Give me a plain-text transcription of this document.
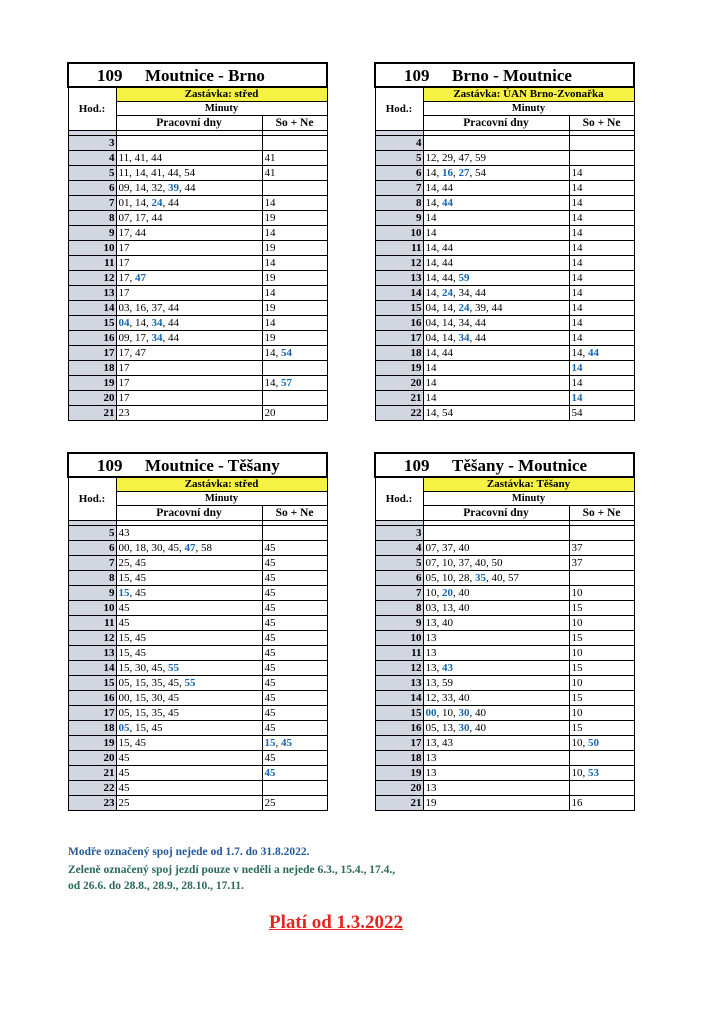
109 Moutnice - Brno		
Hod.:	Zastávka: střed	
	Minuty	
	Pracovní dny	So + Ne

3		
4	11, 41, 44	41
5	11, 14, 41, 44, 54	41
6	09, 14, 32, 39, 44	
7	01, 14, 24, 44	14
8	07, 17, 44	19
9	17, 44	14
10	17	19
11	17	14
12	17, 47	19
13	17	14
14	03, 16, 37, 44	19
15	04, 14, 34, 44	14
16	09, 17, 34, 44	19
17	17, 47	14, 54
18	17	
19	17	14, 57
20	17	
21	23	20
109 Brno - Moutnice		
Hod.:	Zastávka: ÚAN Brno-Zvonařka	
	Minuty	
	Pracovní dny	So + Ne

4		
5	12, 29, 47, 59	
6	14, 16, 27, 54	14
7	14, 44	14
8	14, 44	14
9	14	14
10	14	14
11	14, 44	14
12	14, 44	14
13	14, 44, 59	14
14	14, 24, 34, 44	14
15	04, 14, 24, 39, 44	14
16	04, 14, 34, 44	14
17	04, 14, 34, 44	14
18	14, 44	14, 44
19	14	14
20	14	14
21	14	14
22	14, 54	54
109 Moutnice - Těšany		
Hod.:	Zastávka: střed	
	Minuty	
	Pracovní dny	So + Ne

5	43	
6	00, 18, 30, 45, 47, 58	45
7	25, 45	45
8	15, 45	45
9	15, 45	45
10	45	45
11	45	45
12	15, 45	45
13	15, 45	45
14	15, 30, 45, 55	45
15	05, 15, 35, 45, 55	45
16	00, 15, 30, 45	45
17	05, 15, 35, 45	45
18	05, 15, 45	45
19	15, 45	15, 45
20	45	45
21	45	45
22	45	
23	25	25
109 Těšany - Moutnice		
Hod.:	Zastávka: Těšany	
	Minuty	
	Pracovní dny	So + Ne

3		
4	07, 37, 40	37
5	07, 10, 37, 40, 50	37
6	05, 10, 28, 35, 40, 57	
7	10, 20, 40	10
8	03, 13, 40	15
9	13, 40	10
10	13	15
11	13	10
12	13, 43	15
13	13, 59	10
14	12, 33, 40	15
15	00, 10, 30, 40	10
16	05, 13, 30, 40	15
17	13, 43	10, 50
18	13	
19	13	10, 53
20	13	
21	19	16
Modře označený spoj nejede od 1.7. do 31.8.2022.
Zeleně označený spoj jezdí pouze v neděli a nejede 6.3., 15.4., 17.4.,
od 26.6. do 28.8., 28.9., 28.10., 17.11.
Platí od 1.3.2022
